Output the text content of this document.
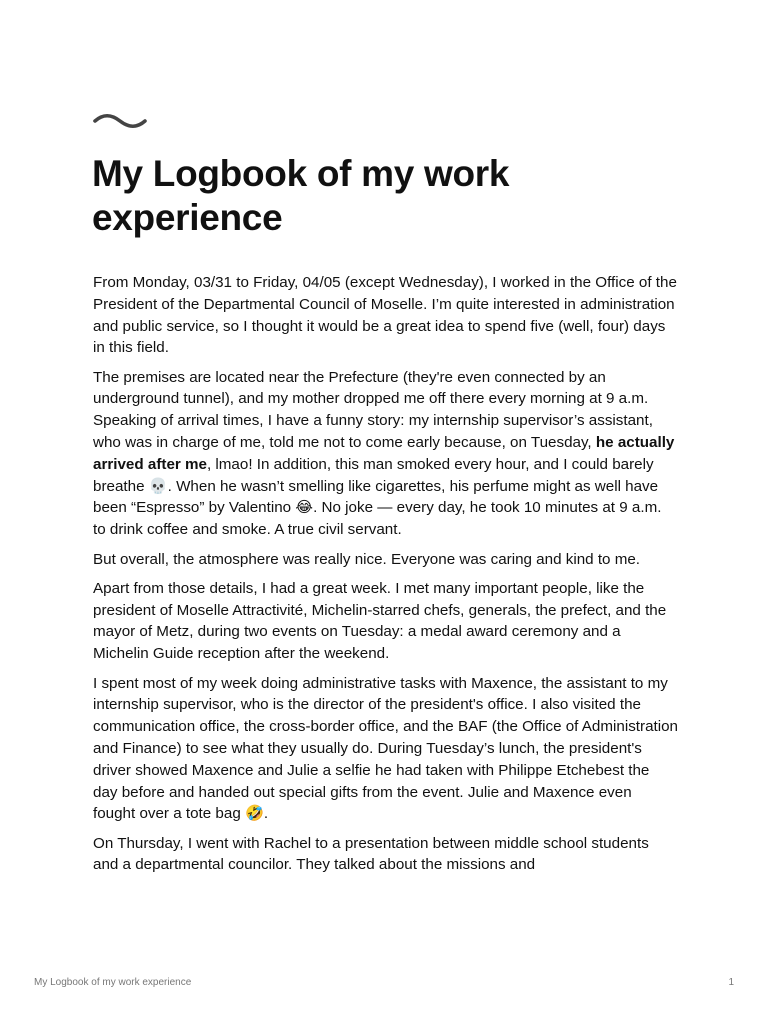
My Logbook of my work experience

From Monday, 03/31 to Friday, 04/05 (except Wednesday), I worked in the Office of the President of the Departmental Council of Moselle. I’m quite interested in administration and public service, so I thought it would be a great idea to spend five (well, four) days in this field.

The premises are located near the Prefecture (they're even connected by an underground tunnel), and my mother dropped me off there every morning at 9 a.m. Speaking of arrival times, I have a funny story: my internship supervisor’s assistant, who was in charge of me, told me not to come early because, on Tuesday, he actually arrived after me, lmao! In addition, this man smoked every hour, and I could barely breathe 💀. When he wasn’t smelling like cigarettes, his perfume might as well have been “Espresso” by Valentino 😂. No joke — every day, he took 10 minutes at 9 a.m. to drink coffee and smoke. A true civil servant.

But overall, the atmosphere was really nice. Everyone was caring and kind to me.

Apart from those details, I had a great week. I met many important people, like the president of Moselle Attractivité, Michelin-starred chefs, generals, the prefect, and the mayor of Metz, during two events on Tuesday: a medal award ceremony and a Michelin Guide reception after the weekend.

I spent most of my week doing administrative tasks with Maxence, the assistant to my internship supervisor, who is the director of the president's office. I also visited the communication office, the cross-border office, and the BAF (the Office of Administration and Finance) to see what they usually do. During Tuesday’s lunch, the president's driver showed Maxence and Julie a selfie he had taken with Philippe Etchebest the day before and handed out special gifts from the event. Julie and Maxence even fought over a tote bag 🤣.

On Thursday, I went with Rachel to a presentation between middle school students and a departmental councilor. They talked about the missions and

My Logbook of my work experience	1
